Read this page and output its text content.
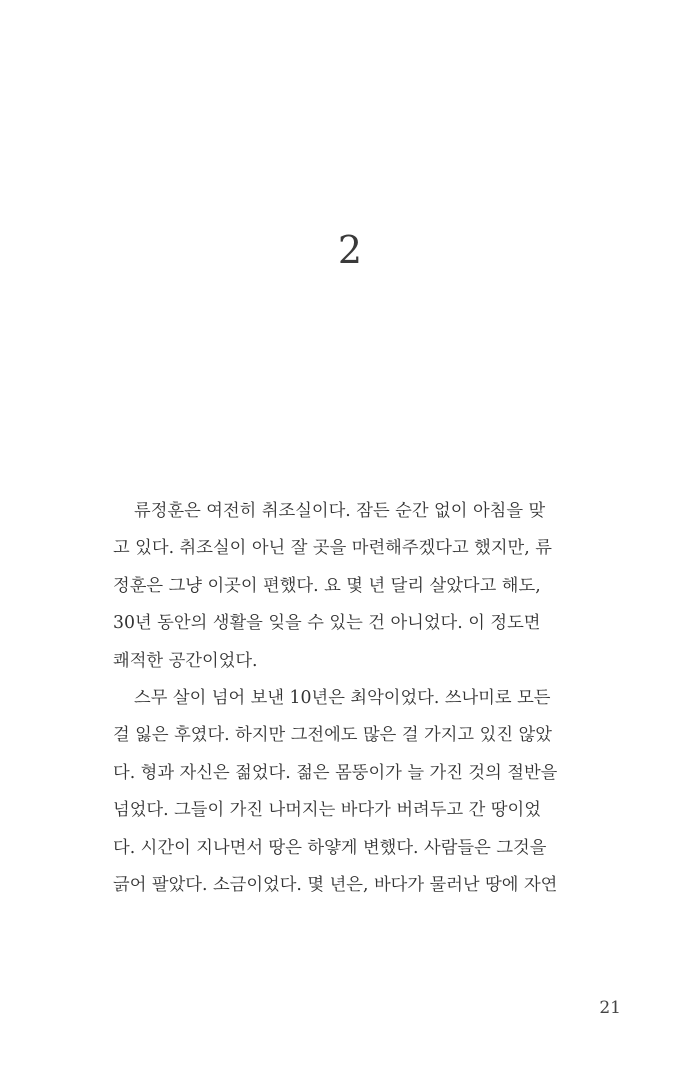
2
류정훈은 여전히 취조실이다. 잠든 순간 없이 아침을 맞
고 있다. 취조실이 아닌 잘 곳을 마련해주겠다고 했지만, 류
정훈은 그냥 이곳이 편했다. 요 몇 년 달리 살았다고 해도,
30년 동안의 생활을 잊을 수 있는 건 아니었다. 이 정도면
쾌적한 공간이었다.
스무 살이 넘어 보낸 10년은 최악이었다. 쓰나미로 모든
걸 잃은 후였다. 하지만 그전에도 많은 걸 가지고 있진 않았
다. 형과 자신은 젊었다. 젊은 몸뚱이가 늘 가진 것의 절반을
넘었다. 그들이 가진 나머지는 바다가 버려두고 간 땅이었
다. 시간이 지나면서 땅은 하얗게 변했다. 사람들은 그것을
긁어 팔았다. 소금이었다. 몇 년은, 바다가 물러난 땅에 자연
21
